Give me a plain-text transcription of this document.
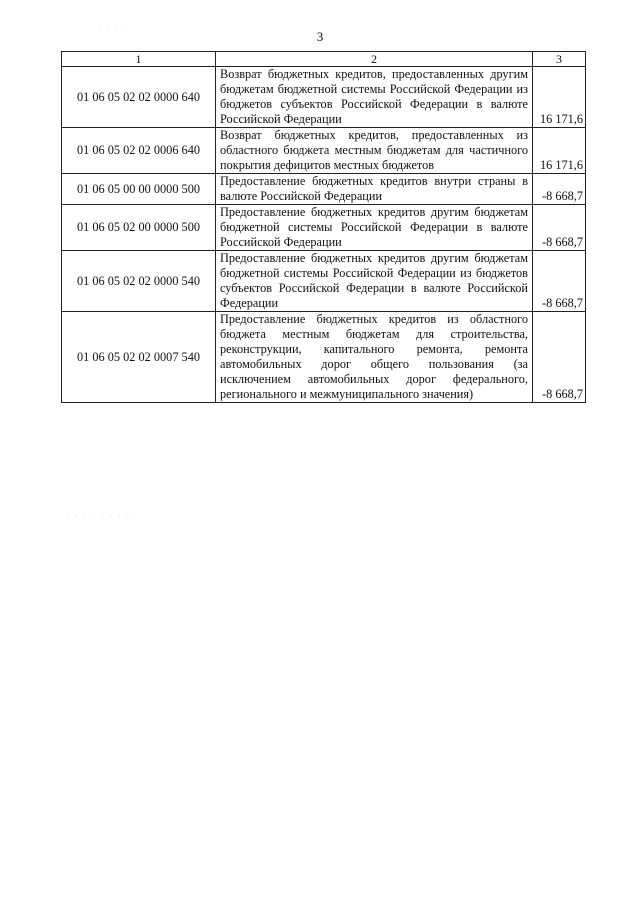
3
1	2	3
01 06 05 02 02 0000 640	Возврат бюджетных кредитов, предоставленных другим бюджетам бюджетной системы Российской Федерации из бюджетов субъектов Российской Федерации в валюте Российской Федерации	16 171,6
01 06 05 02 02 0006 640	Возврат бюджетных кредитов, предоставленных из областного бюджета местным бюджетам для частичного покрытия дефицитов местных бюджетов	16 171,6
01 06 05 00 00 0000 500	Предоставление бюджетных кредитов внутри страны в валюте Российской Федерации	-8 668,7
01 06 05 02 00 0000 500	Предоставление бюджетных кредитов другим бюджетам бюджетной системы Российской Федерации в валюте Российской Федерации	-8 668,7
01 06 05 02 02 0000 540	Предоставление бюджетных кредитов другим бюджетам бюджетной системы Российской Федерации из бюджетов субъектов Российской Федерации в валюте Российской Федерации	-8 668,7
01 06 05 02 02 0007 540	Предоставление бюджетных кредитов из областного бюджета местным бюджетам для строительства, реконструкции, капитального ремонта, ремонта автомобильных дорог общего пользования (за исключением автомобильных дорог федерального, регионального и межмуниципального значения)	-8 668,7
· · · ·
· · · · · · · ·
